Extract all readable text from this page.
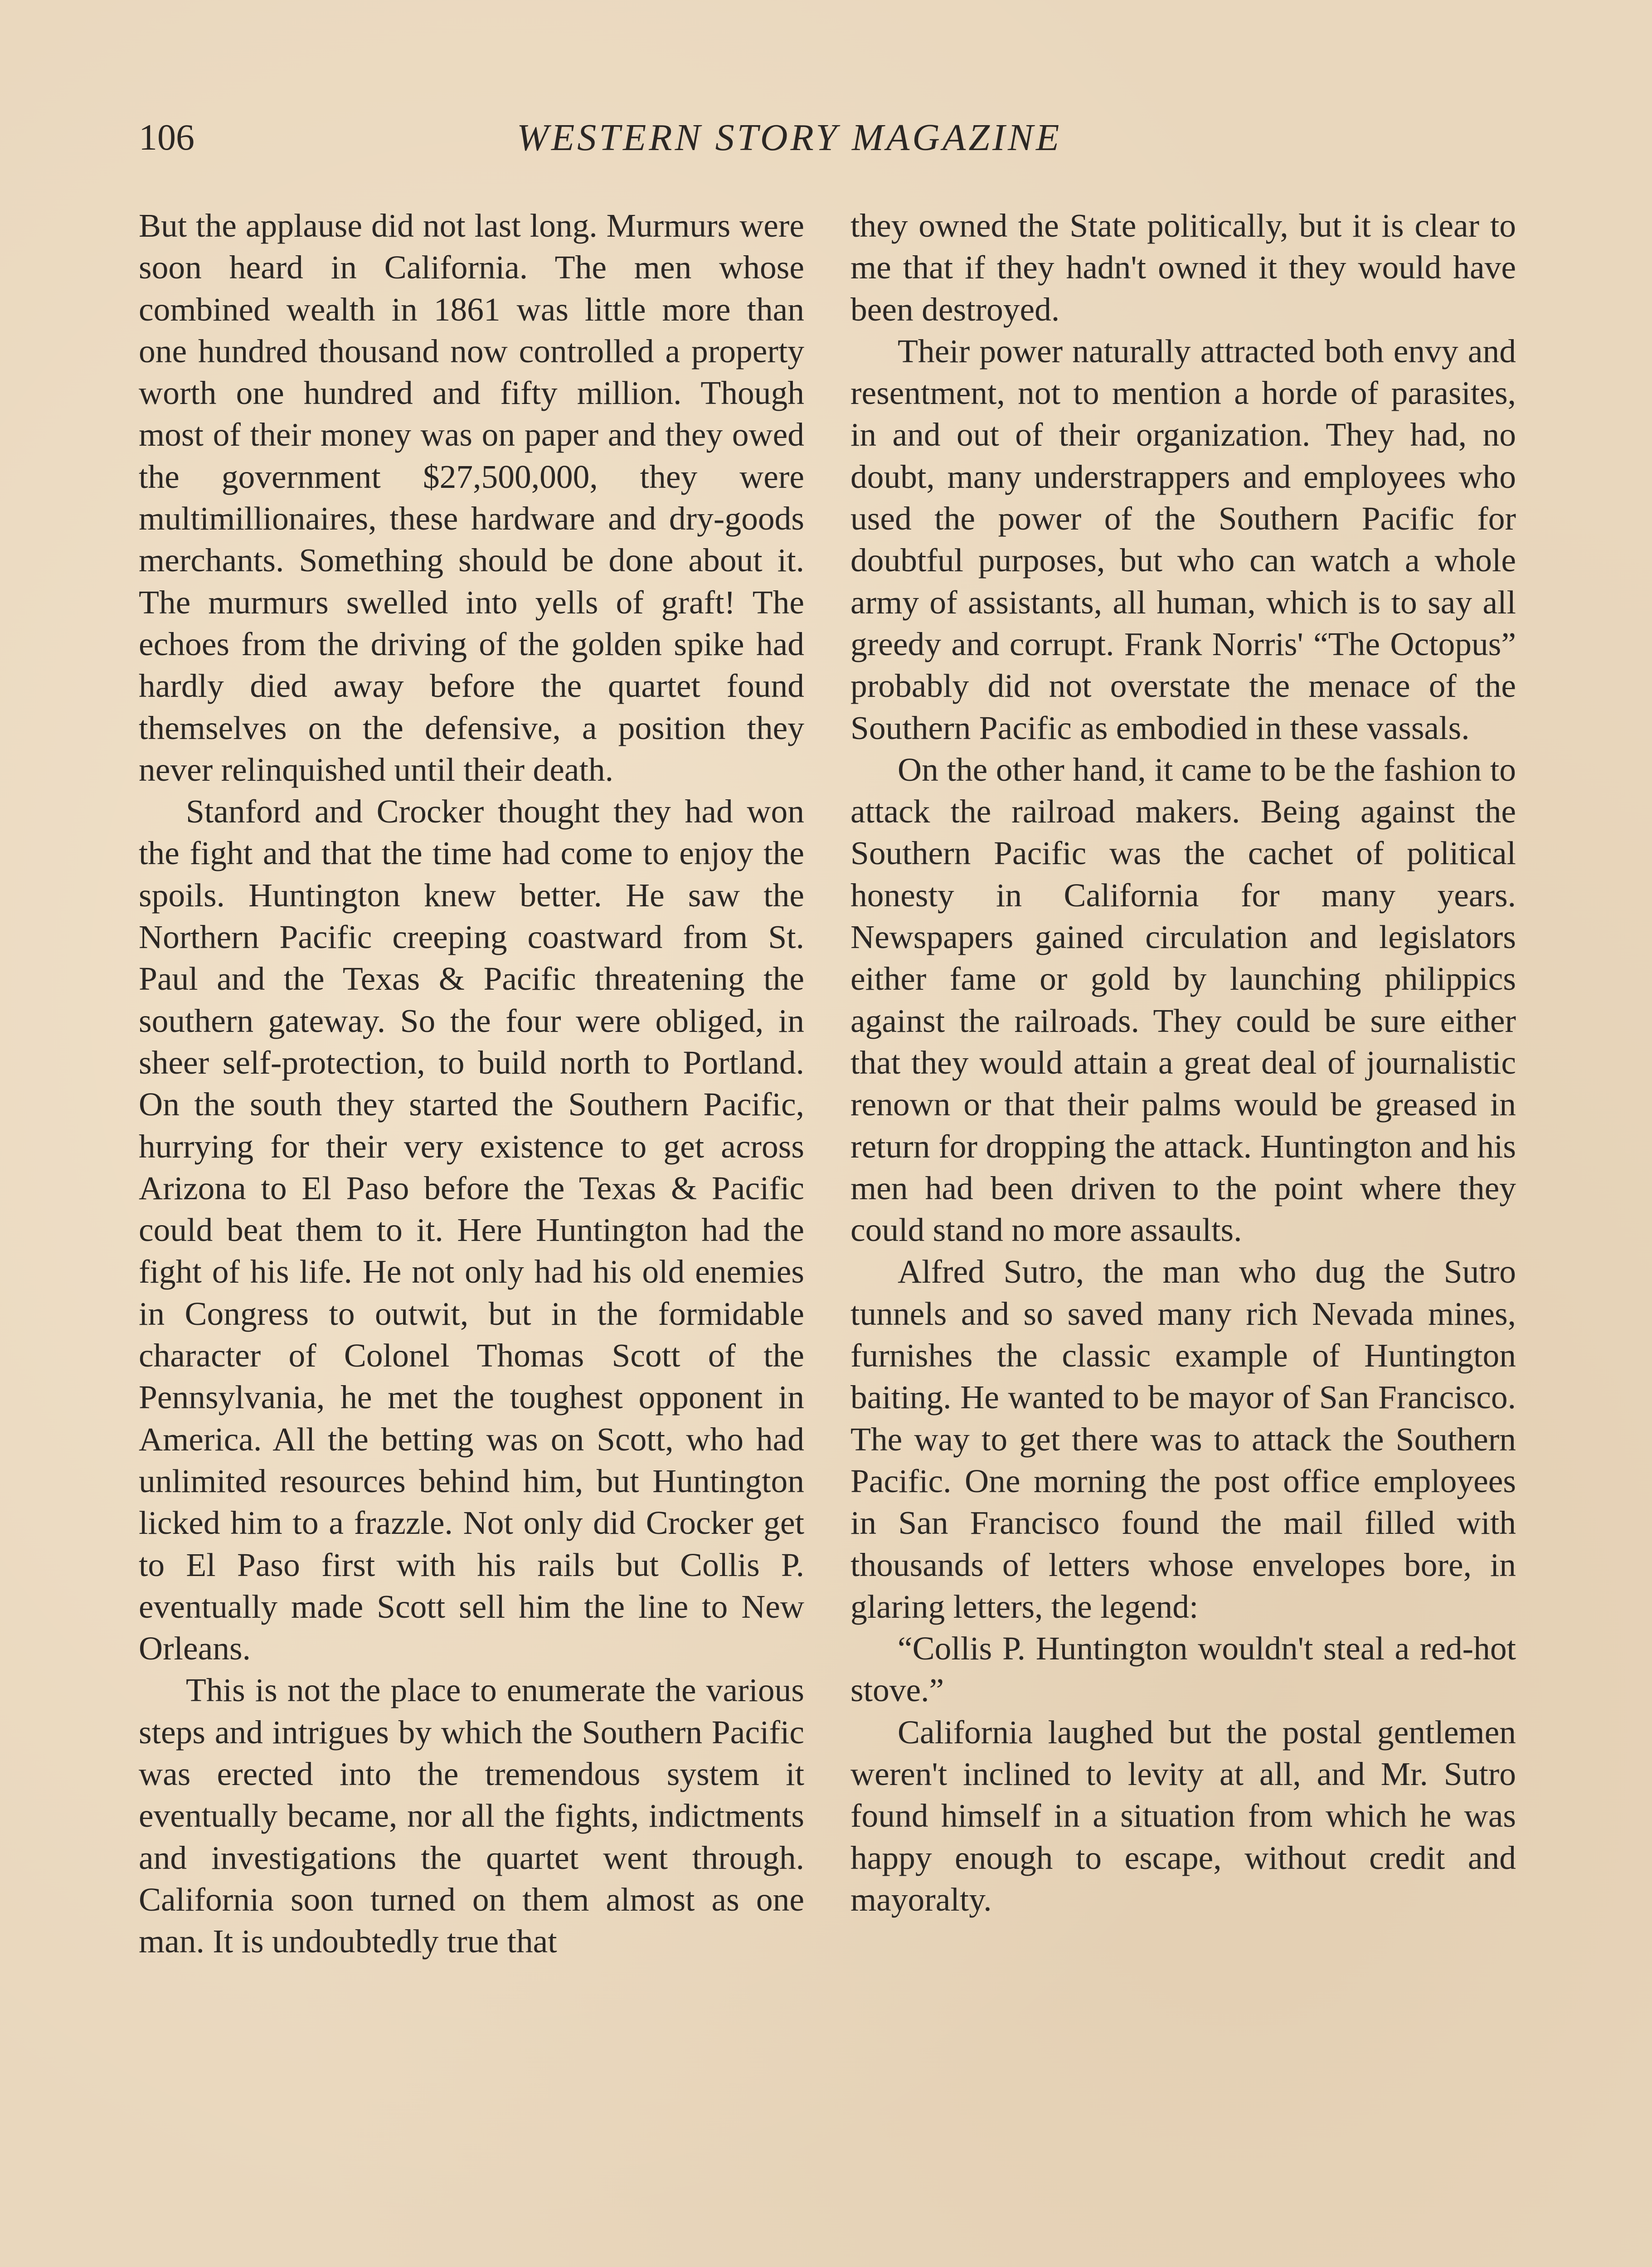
106	WESTERN STORY MAGAZINE

But the applause did not last long. Murmurs were soon heard in California. The men whose combined wealth in 1861 was little more than one hundred thousand now controlled a property worth one hundred and fifty million. Though most of their money was on paper and they owed the government $27,500,000, they were multimillionaires, these hardware and dry-goods merchants. Something should be done about it. The murmurs swelled into yells of graft! The echoes from the driving of the golden spike had hardly died away before the quartet found themselves on the defensive, a position they never relinquished until their death.

Stanford and Crocker thought they had won the fight and that the time had come to enjoy the spoils. Huntington knew better. He saw the Northern Pacific creeping coastward from St. Paul and the Texas & Pacific threatening the southern gateway. So the four were obliged, in sheer self-protection, to build north to Portland. On the south they started the Southern Pacific, hurrying for their very existence to get across Arizona to El Paso before the Texas & Pacific could beat them to it. Here Huntington had the fight of his life. He not only had his old enemies in Congress to outwit, but in the formidable character of Colonel Thomas Scott of the Pennsylvania, he met the toughest opponent in America. All the betting was on Scott, who had unlimited resources behind him, but Huntington licked him to a frazzle. Not only did Crocker get to El Paso first with his rails but Collis P. eventually made Scott sell him the line to New Orleans.

This is not the place to enumerate the various steps and intrigues by which the Southern Pacific was erected into the tremendous system it eventually became, nor all the fights, indictments and investigations the quartet went through. California soon turned on them almost as one man. It is undoubtedly true that

they owned the State politically, but it is clear to me that if they hadn't owned it they would have been destroyed.

Their power naturally attracted both envy and resentment, not to mention a horde of parasites, in and out of their organization. They had, no doubt, many understrappers and employees who used the power of the Southern Pacific for doubtful purposes, but who can watch a whole army of assistants, all human, which is to say all greedy and corrupt. Frank Norris' “The Octopus” probably did not overstate the menace of the Southern Pacific as embodied in these vassals.

On the other hand, it came to be the fashion to attack the railroad makers. Being against the Southern Pacific was the cachet of political honesty in California for many years. Newspapers gained circulation and legislators either fame or gold by launching philippics against the railroads. They could be sure either that they would attain a great deal of journalistic renown or that their palms would be greased in return for dropping the attack. Huntington and his men had been driven to the point where they could stand no more assaults.

Alfred Sutro, the man who dug the Sutro tunnels and so saved many rich Nevada mines, furnishes the classic example of Huntington baiting. He wanted to be mayor of San Francisco. The way to get there was to attack the Southern Pacific. One morning the post office employees in San Francisco found the mail filled with thousands of letters whose envelopes bore, in glaring letters, the legend:

“Collis P. Huntington wouldn't steal a red-hot stove.”

California laughed but the postal gentlemen weren't inclined to levity at all, and Mr. Sutro found himself in a situation from which he was happy enough to escape, without credit and mayoralty.
